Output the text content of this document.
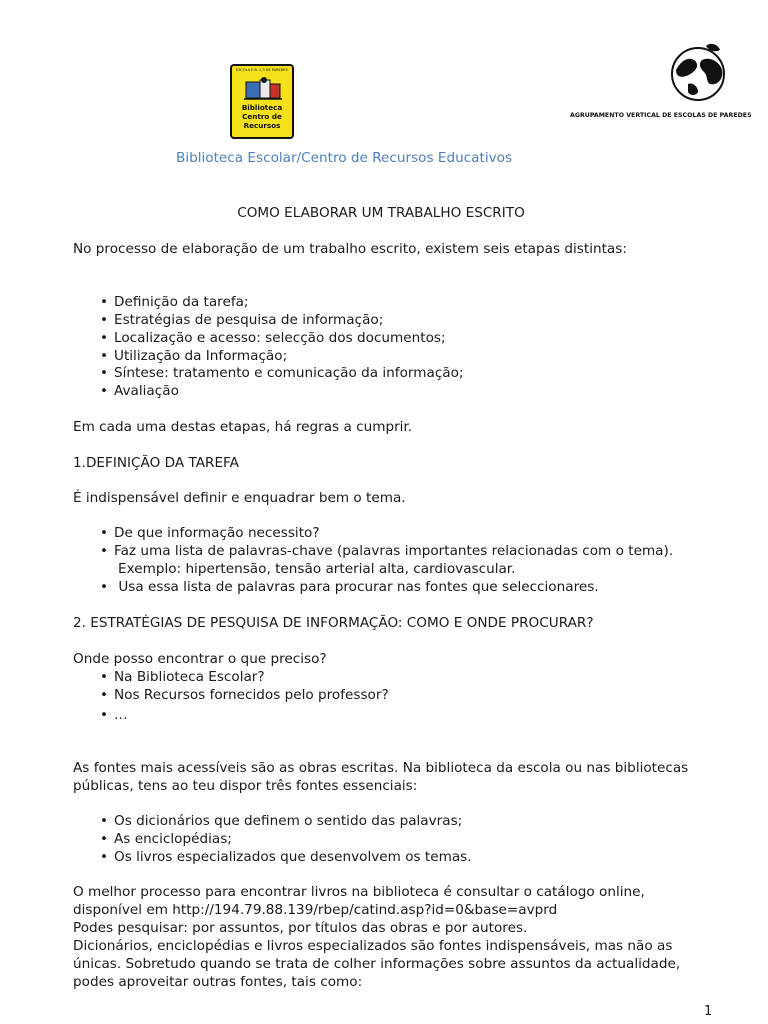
ESCOLA E.B. 2,3 DE PAREDES
Biblioteca
Centro de
Recursos
AGRUPAMENTO VERTICAL DE ESCOLAS DE PAREDES
Biblioteca Escolar/Centro de Recursos Educativos
COMO ELABORAR UM TRABALHO ESCRITO
No processo de elaboração de um trabalho escrito, existem seis etapas distintas:
• Definição da tarefa;
• Estratégias de pesquisa de informação;
• Localização e acesso: selecção dos documentos;
• Utilização da Informação;
• Síntese: tratamento e comunicação da informação;
• Avaliação
Em cada uma destas etapas, há regras a cumprir.
1.DEFINIÇÃO DA TAREFA
É indispensável definir e enquadrar bem o tema.
• De que informação necessito?
• Faz uma lista de palavras-chave (palavras importantes relacionadas com o tema).
Exemplo: hipertensão, tensão arterial alta, cardiovascular.
• Usa essa lista de palavras para procurar nas fontes que seleccionares.
2. ESTRATÉGIAS DE PESQUISA DE INFORMAÇÃO: COMO E ONDE PROCURAR?
Onde posso encontrar o que preciso?
• Na Biblioteca Escolar?
• Nos Recursos fornecidos pelo professor?
• …
As fontes mais acessíveis são as obras escritas. Na biblioteca da escola ou nas bibliotecas
públicas, tens ao teu dispor três fontes essenciais:
• Os dicionários que definem o sentido das palavras;
• As enciclopédias;
• Os livros especializados que desenvolvem os temas.
O melhor processo para encontrar livros na biblioteca é consultar o catálogo online,
disponível em http://194.79.88.139/rbep/catind.asp?id=0&base=avprd
Podes pesquisar: por assuntos, por títulos das obras e por autores.
Dicionários, enciclopédias e livros especializados são fontes indispensáveis, mas não as
únicas. Sobretudo quando se trata de colher informações sobre assuntos da actualidade,
podes aproveitar outras fontes, tais como:
1
